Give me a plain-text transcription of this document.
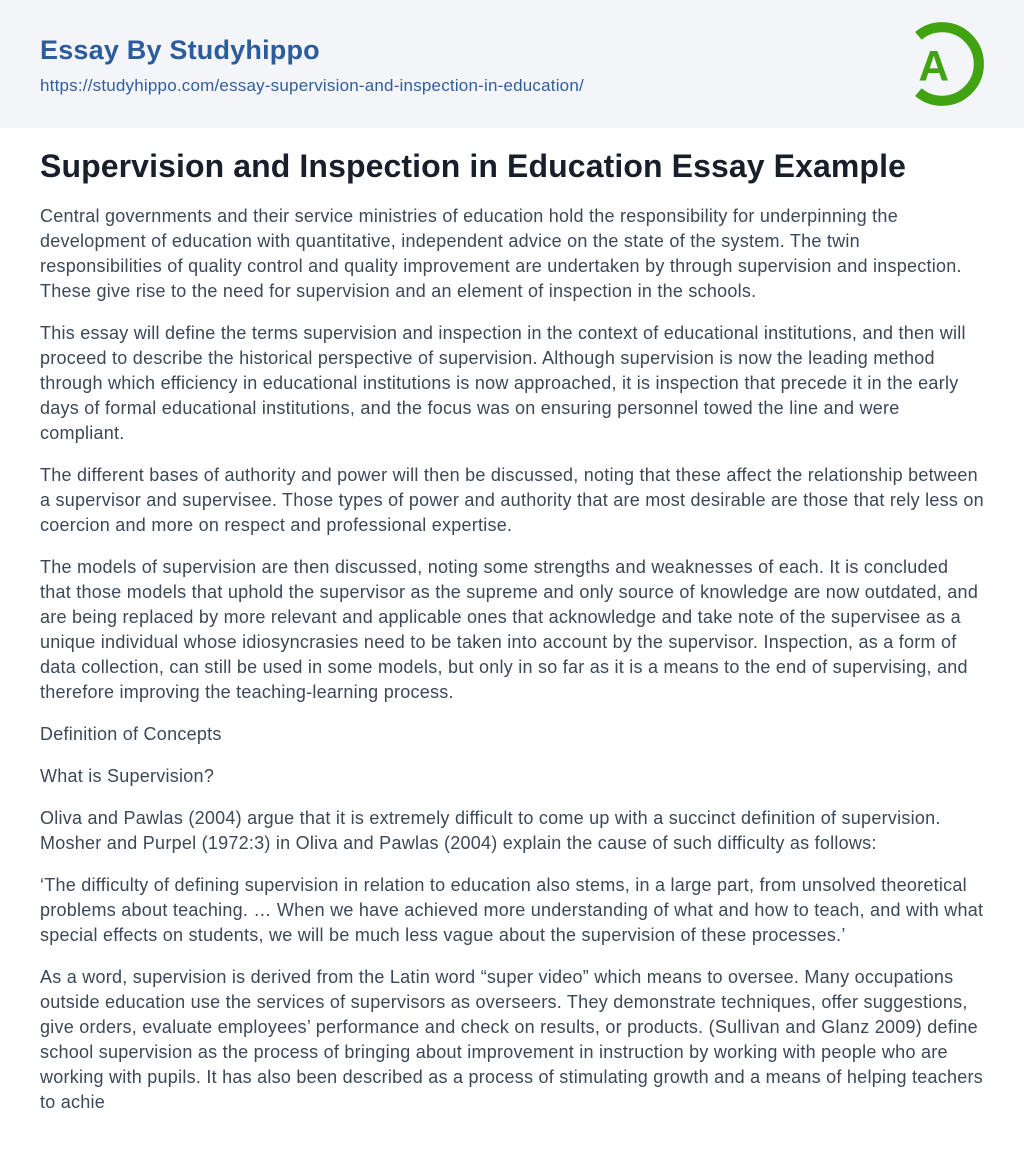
Essay By Studyhippo
https://studyhippo.com/essay-supervision-and-inspection-in-education/	A
Supervision and Inspection in Education Essay Example

Central governments and their service ministries of education hold the responsibility for underpinning the development of education with quantitative, independent advice on the state of the system. The twin responsibilities of quality control and quality improvement are undertaken by through supervision and inspection. These give rise to the need for supervision and an element of inspection in the schools.

This essay will define the terms supervision and inspection in the context of educational institutions, and then will proceed to describe the historical perspective of supervision. Although supervision is now the leading method through which efficiency in educational institutions is now approached, it is inspection that precede it in the early days of formal educational institutions, and the focus was on ensuring personnel towed the line and were compliant.

The different bases of authority and power will then be discussed, noting that these affect the relationship between a supervisor and supervisee. Those types of power and authority that are most desirable are those that rely less on coercion and more on respect and professional expertise.

The models of supervision are then discussed, noting some strengths and weaknesses of each. It is concluded that those models that uphold the supervisor as the supreme and only source of knowledge are now outdated, and are being replaced by more relevant and applicable ones that acknowledge and take note of the supervisee as a unique individual whose idiosyncrasies need to be taken into account by the supervisor. Inspection, as a form of data collection, can still be used in some models, but only in so far as it is a means to the end of supervising, and therefore improving the teaching-learning process.

Definition of Concepts

What is Supervision?

Oliva and Pawlas (2004) argue that it is extremely difficult to come up with a succinct definition of supervision. Mosher and Purpel (1972:3) in Oliva and Pawlas (2004) explain the cause of such difficulty as follows:

‘The difficulty of defining supervision in relation to education also stems, in a large part, from unsolved theoretical problems about teaching. … When we have achieved more understanding of what and how to teach, and with what special effects on students, we will be much less vague about the supervision of these processes.’

As a word, supervision is derived from the Latin word “super video” which means to oversee. Many occupations outside education use the services of supervisors as overseers. They demonstrate techniques, offer suggestions, give orders, evaluate employees’ performance and check on results, or products. (Sullivan and Glanz 2009) define school supervision as the process of bringing about improvement in instruction by working with people who are working with pupils. It has also been described as a process of stimulating growth and a means of helping teachers to achie
